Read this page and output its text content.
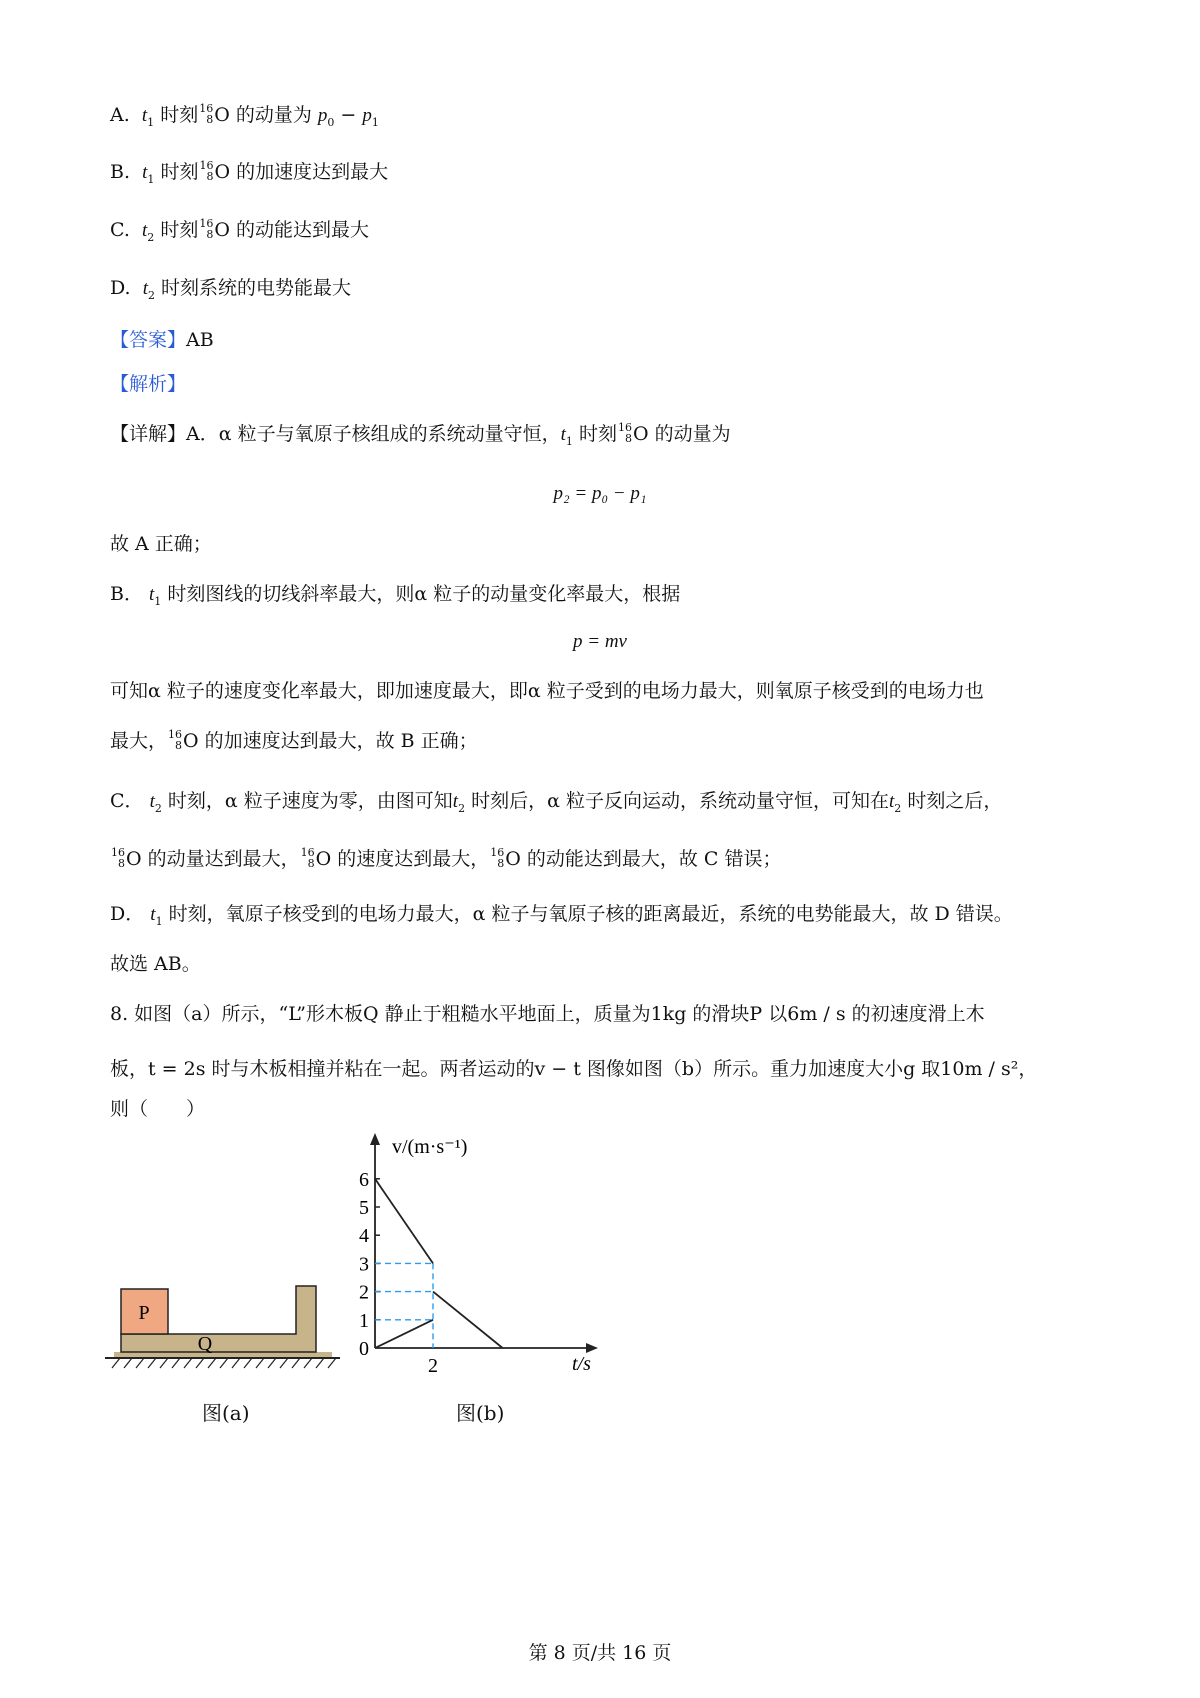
A. $t_1$ 时刻 16
8 O 的动量为 $p_0 - p_1$
B. $t_1$ 时刻 16
8 O 的加速度达到最大
C. $t_2$ 时刻 16
8 O 的动能达到最大
D. $t_2$ 时刻系统的电势能最大
【答案】AB
【解析】
【详解】A．α 粒子与氧原子核组成的系统动量守恒，$t_1$ 时刻 16
8 O 的动量为
p₂ = p₀ − p₁
故 A 正确；
B． $t_1$ 时刻图线的切线斜率最大，则α 粒子的动量变化率最大，根据
p = mv
可知α 粒子的速度变化率最大，即加速度最大，即α 粒子受到的电场力最大，则氧原子核受到的电场力也
最大， 16
8 O 的加速度达到最大，故 B 正确；
C． $t_2$ 时刻，α 粒子速度为零，由图可知$t_2$ 时刻后，α 粒子反向运动，系统动量守恒，可知在$t_2$ 时刻之后，
16
8 O 的动量达到最大， 16
8 O 的速度达到最大， 16
8 O 的动能达到最大，故 C 错误；
D． $t_1$ 时刻，氧原子核受到的电场力最大，α 粒子与氧原子核的距离最近，系统的电势能最大，故 D 错误。
故选 AB。
8. 如图（a）所示，“L”形木板Q 静止于粗糙水平地面上，质量为1kg 的滑块P 以6m / s 的初速度滑上木
板，t = 2s 时与木板相撞并粘在一起。两者运动的v − t 图像如图（b）所示。重力加速度大小g 取10m / s²，
则（　　）
P
Q
图(a)
0
1
2
3
4
5
6
2
v/(m·s⁻¹)
t/s
图(b)
第 8 页/共 16 页
